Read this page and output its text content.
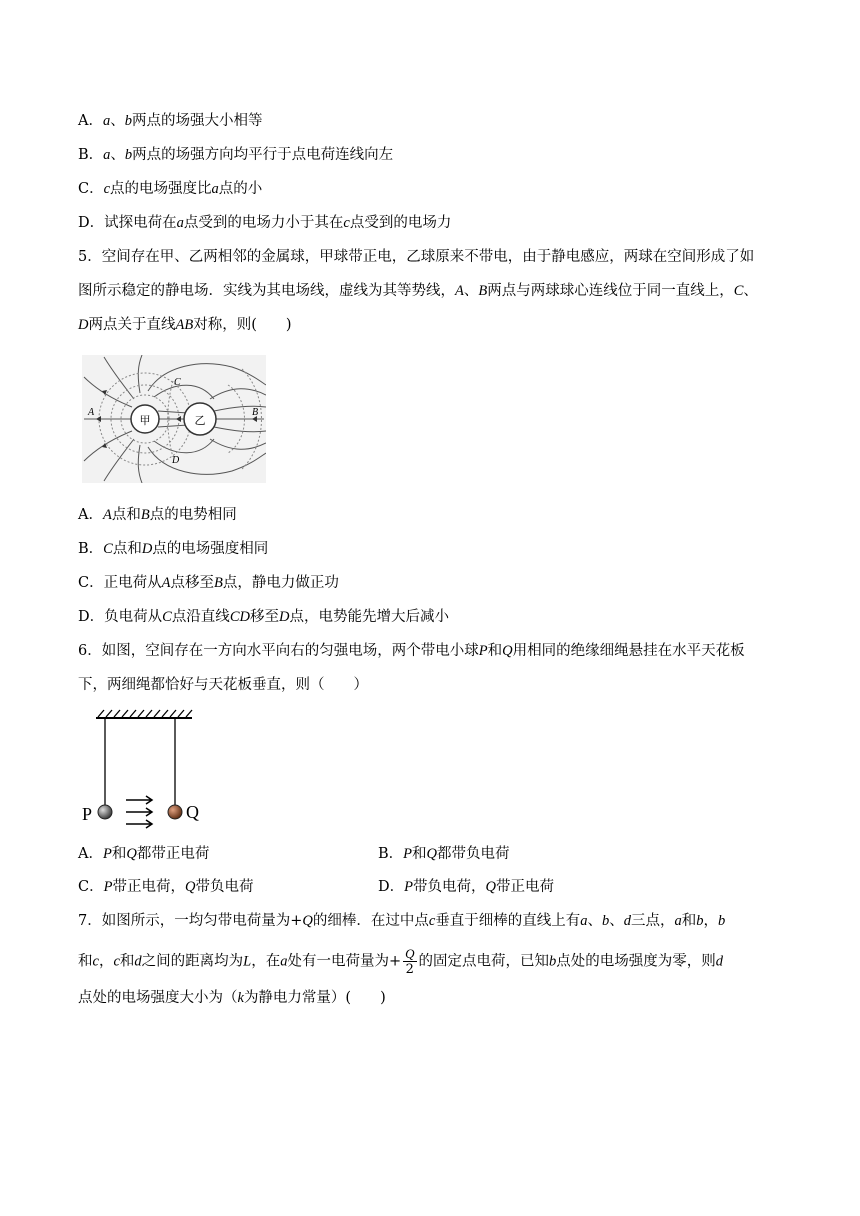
A．a、b两点的场强大小相等
B．a、b两点的场强方向均平行于点电荷连线向左
C．c点的电场强度比a点的小
D．试探电荷在a点受到的电场力小于其在c点受到的电场力
5．空间存在甲、乙两相邻的金属球，甲球带正电，乙球原来不带电，由于静电感应，两球在空间形成了如
图所示稳定的静电场．实线为其电场线，虚线为其等势线，A、B两点与两球球心连线位于同一直线上，C、
D两点关于直线AB对称，则(　　)
甲	乙
A	B
C
D
A．A点和B点的电势相同
B．C点和D点的电场强度相同
C．正电荷从A点移至B点，静电力做正功
D．负电荷从C点沿直线CD移至D点，电势能先增大后减小
6．如图，空间存在一方向水平向右的匀强电场，两个带电小球P和Q用相同的绝缘细绳悬挂在水平天花板
下，两细绳都恰好与天花板垂直，则（　　）
P	Q
A．P和Q都带正电荷	B．P和Q都带负电荷
C．P带正电荷，Q带负电荷	D．P带负电荷，Q带正电荷
7．如图所示，一均匀带电荷量为+Q的细棒．在过中点c垂直于细棒的直线上有a、b、d三点，a和b，b
和c，c和d之间的距离均为L，在a处有一电荷量为+ $\frac{Q}{2}$ 的固定点电荷，已知b点处的电场强度为零，则d
点处的电场强度大小为（k为静电力常量）(　　)
